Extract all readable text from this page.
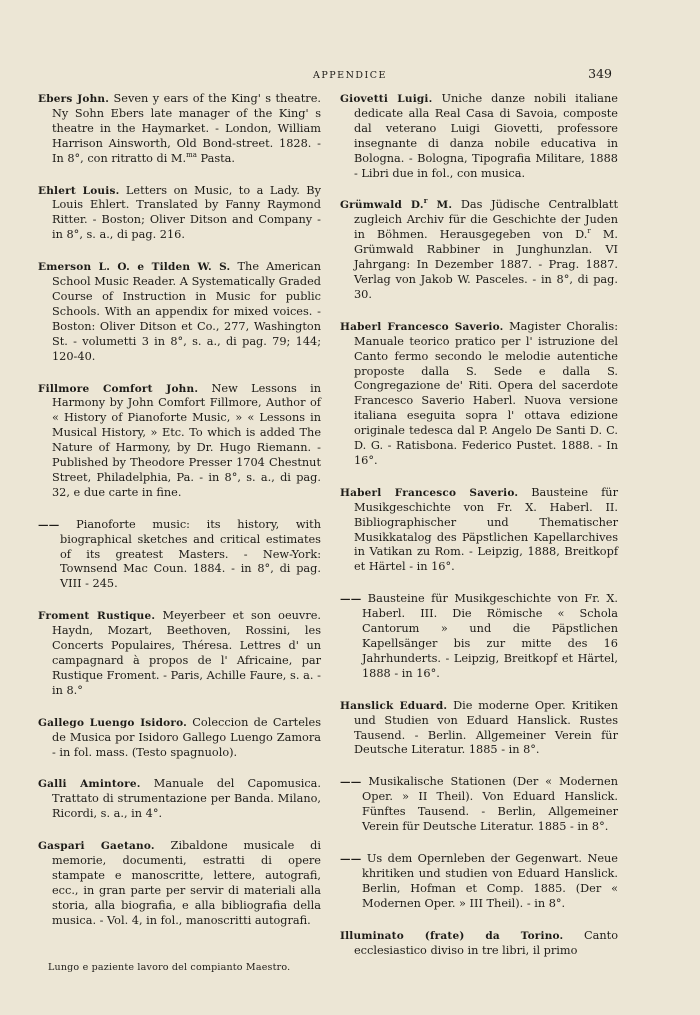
APPENDICE	349

Ebers John. Seven y ears of the King' s theatre. Ny Sohn Ebers late manager of the King' s theatre in the Haymarket. - London, William Harrison Ainsworth, Old Bond-street. 1828. - In 8°, con ritratto di M.$^{ma}$ Pasta.

Ehlert Louis. Letters on Music, to a Lady. By Louis Ehlert. Translated by Fanny Raymond Ritter. - Boston; Oliver Ditson and Company - in 8°, s. a., di pag. 216.

Emerson L. O. e Tilden W. S. The American School Music Reader. A Systematically Graded Course of Instruction in Music for public Schools. With an appendix for mixed voices. - Boston: Oliver Ditson et Co., 277, Washington St. - volumetti 3 in 8°, s. a., di pag. 79; 144; 120-40.

Fillmore Comfort John. New Lessons in Harmony by John Comfort Fillmore, Author of « History of Pianoforte Music, » « Lessons in Musical History, » Etc. To which is added The Nature of Harmony, by Dr. Hugo Riemann. - Published by Theodore Presser 1704 Chestnut Street, Philadelphia, Pa. - in 8°, s. a., di pag. 32, e due carte in fine.

—— Pianoforte music: its history, with biographical sketches and critical estimates of its greatest Masters. - New-York: Townsend Mac Coun. 1884. - in 8°, di pag. VIII - 245.

Froment Rustique. Meyerbeer et son oeuvre. Haydn, Mozart, Beethoven, Rossini, les Concerts Populaires, Théresa. Lettres d' un campagnard à propos de l' Africaine, par Rustique Froment. - Paris, Achille Faure, s. a. - in 8.°

Gallego Luengo Isidoro. Coleccion de Carteles de Musica por Isidoro Gallego Luengo Zamora - in fol. mass. (Testo spagnuolo).

Galli Amintore. Manuale del Capomusica. Trattato di strumentazione per Banda. Milano, Ricordi, s. a., in 4°.

Gaspari Gaetano. Zibaldone musicale di memorie, documenti, estratti di opere stampate e manoscritte, lettere, autografi, ecc., in gran parte per servir di materiali alla storia, alla biografia, e alla bibliografia della musica. - Vol. 4, in fol., manoscritti autografi.

Giovetti Luigi. Uniche danze nobili italiane dedicate alla Real Casa di Savoia, composte dal veterano Luigi Giovetti, professore insegnante di danza nobile educativa in Bologna. - Bologna, Tipografia Militare, 1888 - Libri due in fol., con musica.

Grümwald D.$^r$ M. Das Jüdische Centralblatt zugleich Archiv für die Geschichte der Juden in Böhmen. Herausgegeben von D.$^r$ M. Grümwald Rabbiner in Junghunzlan. VI Jahrgang: In Dezember 1887. - Prag. 1887. Verlag von Jakob W. Pasceles. - in 8°, di pag. 30.

Haberl Francesco Saverio. Magister Choralis: Manuale teorico pratico per l' istruzione del Canto fermo secondo le melodie autentiche proposte dalla S. Sede e dalla S. Congregazione de' Riti. Opera del sacerdote Francesco Saverio Haberl. Nuova versione italiana eseguita sopra l' ottava edizione originale tedesca dal P. Angelo De Santi D. C. D. G. - Ratisbona. Federico Pustet. 1888. - In 16°.

Haberl Francesco Saverio. Bausteine für Musikgeschichte von Fr. X. Haberl. II. Bibliographischer und Thematischer Musikkatalog des Päpstlichen Kapellarchives in Vatikan zu Rom. - Leipzig, 1888, Breitkopf et Härtel - in 16°.

—— Bausteine für Musikgeschichte von Fr. X. Haberl. III. Die Römische « Schola Cantorum » und die Päpstlichen Kapellsänger bis zur mitte des 16 Jahrhunderts. - Leipzig, Breitkopf et Härtel, 1888 - in 16°.

Hanslick Eduard. Die moderne Oper. Kritiken und Studien von Eduard Hanslick. Rustes Tausend. - Berlin. Allgemeiner Verein für Deutsche Literatur. 1885 - in 8°.

—— Musikalische Stationen (Der « Modernen Oper. » II Theil). Von Eduard Hanslick. Fünftes Tausend. - Berlin, Allgemeiner Verein für Deutsche Literatur. 1885 - in 8°.

—— Us dem Opernleben der Gegenwart. Neue khritiken und studien von Eduard Hanslick. Berlin, Hofman et Comp. 1885. (Der « Modernen Oper. » III Theil). - in 8°.

Illuminato (frate) da Torino. Canto ecclesiastico diviso in tre libri, il primo

Lungo e paziente lavoro del compianto Maestro.
